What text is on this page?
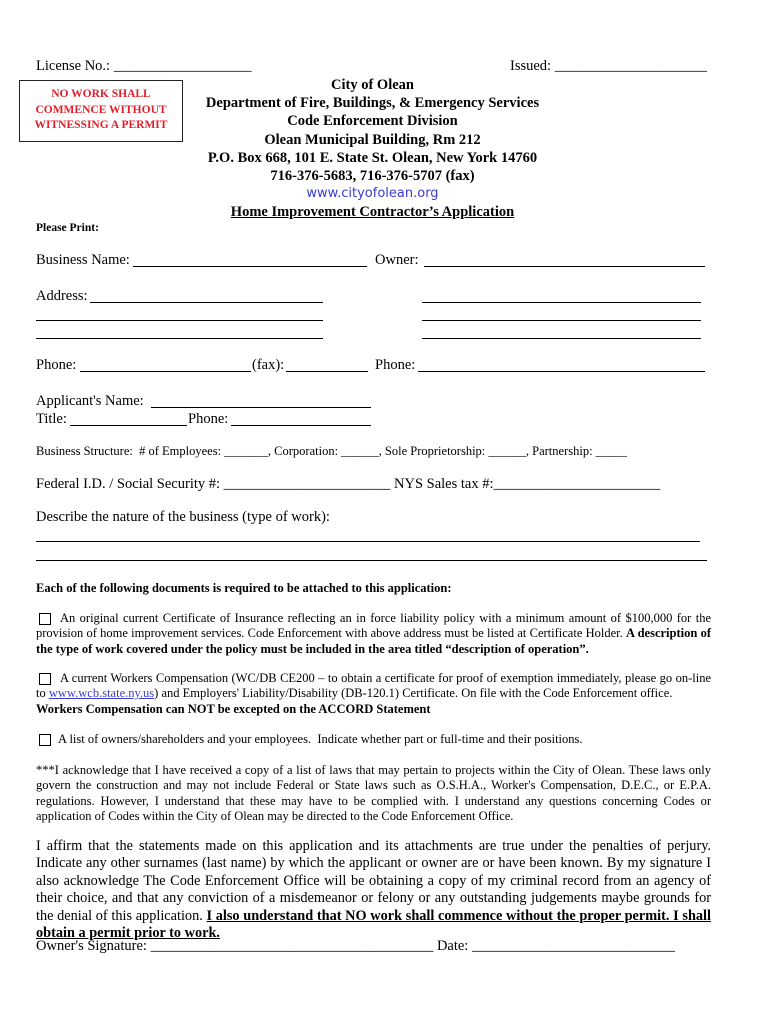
License No.: ___________________	Issued: _____________________
NO WORK SHALL
COMMENCE WITHOUT
WITNESSING A PERMIT
City of Olean
Department of Fire, Buildings, & Emergency Services
Code Enforcement Division
Olean Municipal Building, Rm 212
P.O. Box 668, 101 E. State St. Olean, New York 14760
716-376-5683, 716-376-5707 (fax)
www.cityofolean.org
Home Improvement Contractor’s Application
Please Print:
Business Name:	Owner:
Address:
Phone:	(fax):	Phone:
Applicant's Name:
Title:	Phone:
Business Structure:  # of Employees: _______, Corporation: ______, Sole Proprietorship: ______, Partnership: _____
Federal I.D. / Social Security #: _______________________ NYS Sales tax #:_______________________
Describe the nature of the business (type of work):
Each of the following documents is required to be attached to this application:
An original current Certificate of Insurance reflecting an in force liability policy with a minimum amount of $100,000 for the provision of home improvement services. Code Enforcement with above address must be listed at Certificate Holder. A description of the type of work covered under the policy must be included in the area titled “description of operation”.
A current Workers Compensation (WC/DB CE200 – to obtain a certificate for proof of exemption immediately, please go on-line to www.wcb.state.ny.us) and Employers' Liability/Disability (DB-120.1) Certificate. On file with the Code Enforcement office.
Workers Compensation can NOT be excepted on the ACCORD Statement
A list of owners/shareholders and your employees.  Indicate whether part or full-time and their positions.
***I acknowledge that I have received a copy of a list of laws that may pertain to projects within the City of Olean. These laws only govern the construction and may not include Federal or State laws such as O.S.H.A., Worker's Compensation, D.E.C., or E.P.A. regulations. However, I understand that these may have to be complied with. I understand any questions concerning Codes or application of Codes within the City of Olean may be directed to the Code Enforcement Office.
I affirm that the statements made on this application and its attachments are true under the penalties of perjury. Indicate any other surnames (last name) by which the applicant or owner are or have been known. By my signature I also acknowledge The Code Enforcement Office will be obtaining a copy of my criminal record from an agency of their choice, and that any conviction of a misdemeanor or felony or any outstanding judgements maybe grounds for the denial of this application. I also understand that NO work shall commence without the proper permit. I shall obtain a permit prior to work.
Owner's Signature: _______________________________________ Date: ____________________________
